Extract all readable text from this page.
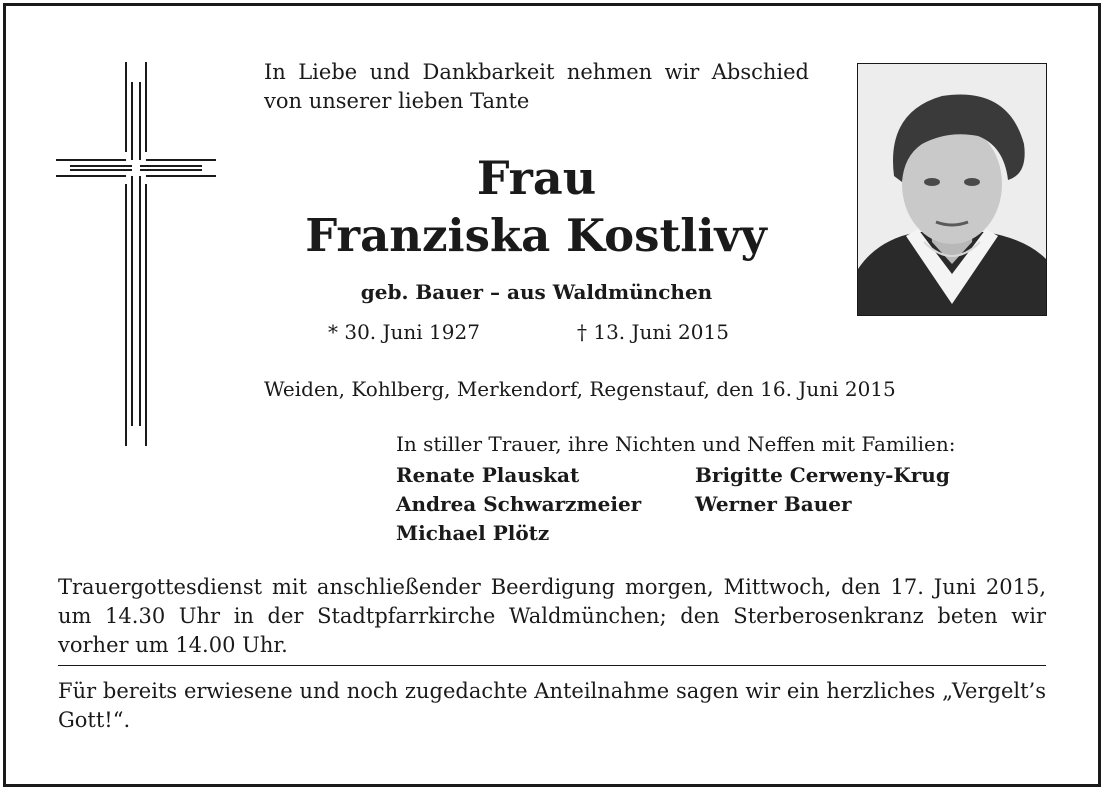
In Liebe und Dankbarkeit nehmen wir Abschied von unserer lieben Tante

Frau

Franziska Kostlivy

geb. Bauer – aus Waldmünchen

* 30. Juni 1927	† 13. Juni 2015
Weiden, Kohlberg, Merkendorf, Regenstauf, den 16. Juni 2015
In stiller Trauer, ihre Nichten und Neffen mit Familien:
Renate Plauskat	Brigitte Cerweny-Krug
Andrea Schwarzmeier	Werner Bauer
Michael Plötz

Trauergottesdienst mit anschließender Beerdigung morgen, Mittwoch, den 17. Juni 2015, um 14.30 Uhr in der Stadtpfarrkirche Waldmünchen; den Sterberosenkranz beten wir vorher um 14.00 Uhr.

Für bereits erwiesene und noch zugedachte Anteilnahme sagen wir ein herzliches „Vergelt’s Gott!“.
